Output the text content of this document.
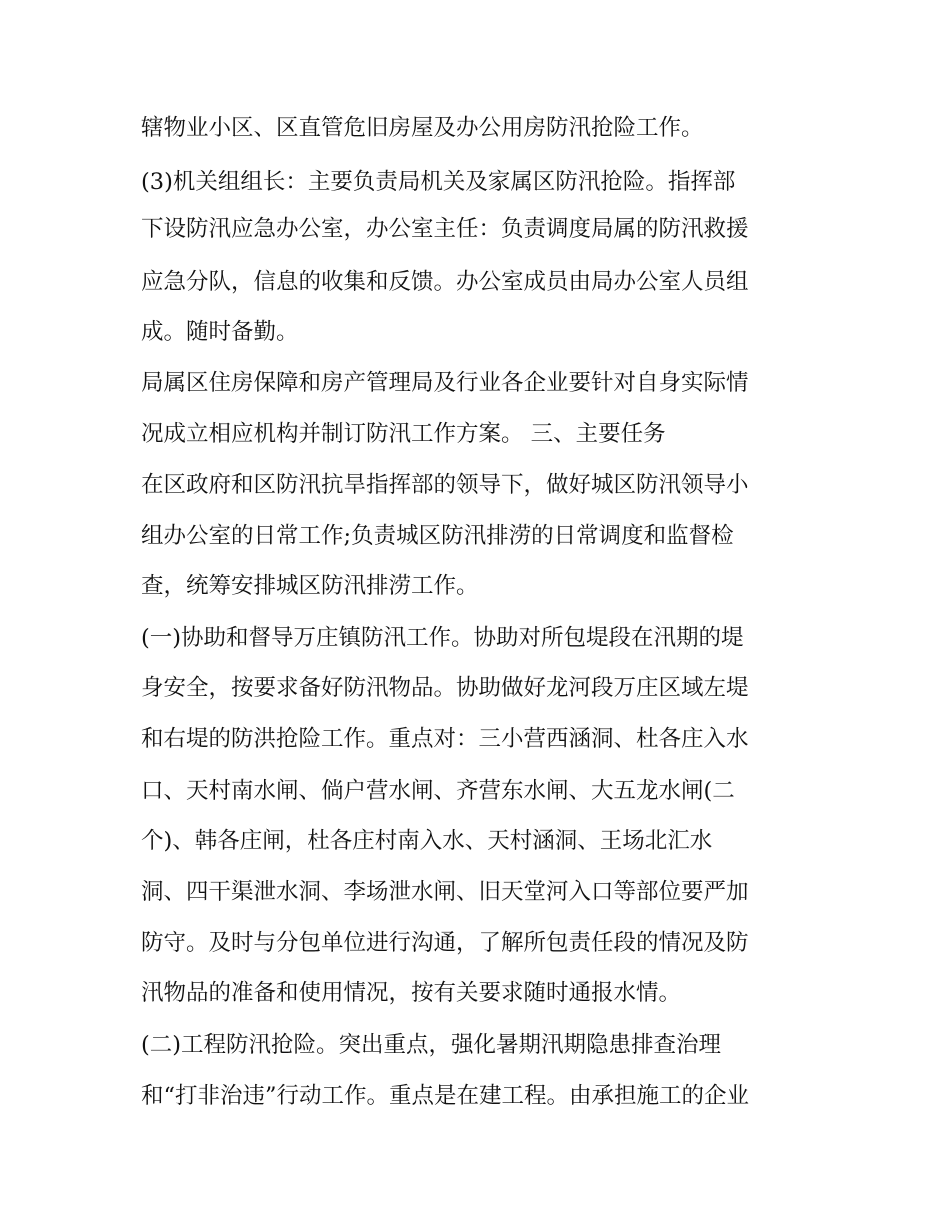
辖物业小区、区直管危旧房屋及办公用房防汛抢险工作。
(3)机关组组长：主要负责局机关及家属区防汛抢险。指挥部
下设防汛应急办公室，办公室主任：负责调度局属的防汛救援
应急分队，信息的收集和反馈。办公室成员由局办公室人员组
成。随时备勤。
局属区住房保障和房产管理局及行业各企业要针对自身实际情
况成立相应机构并制订防汛工作方案。 三、主要任务
在区政府和区防汛抗旱指挥部的领导下，做好城区防汛领导小
组办公室的日常工作;负责城区防汛排涝的日常调度和监督检
查，统筹安排城区防汛排涝工作。
(一)协助和督导万庄镇防汛工作。协助对所包堤段在汛期的堤
身安全，按要求备好防汛物品。协助做好龙河段万庄区域左堤
和右堤的防洪抢险工作。重点对：三小营西涵洞、杜各庄入水
口、天村南水闸、倘户营水闸、齐营东水闸、大五龙水闸(二
个)、韩各庄闸，杜各庄村南入水、天村涵洞、王场北汇水
洞、四干渠泄水洞、李场泄水闸、旧天堂河入口等部位要严加
防守。及时与分包单位进行沟通，了解所包责任段的情况及防
汛物品的准备和使用情况，按有关要求随时通报水情。
(二)工程防汛抢险。突出重点，强化暑期汛期隐患排查治理
和“打非治违”行动工作。重点是在建工程。由承担施工的企业
